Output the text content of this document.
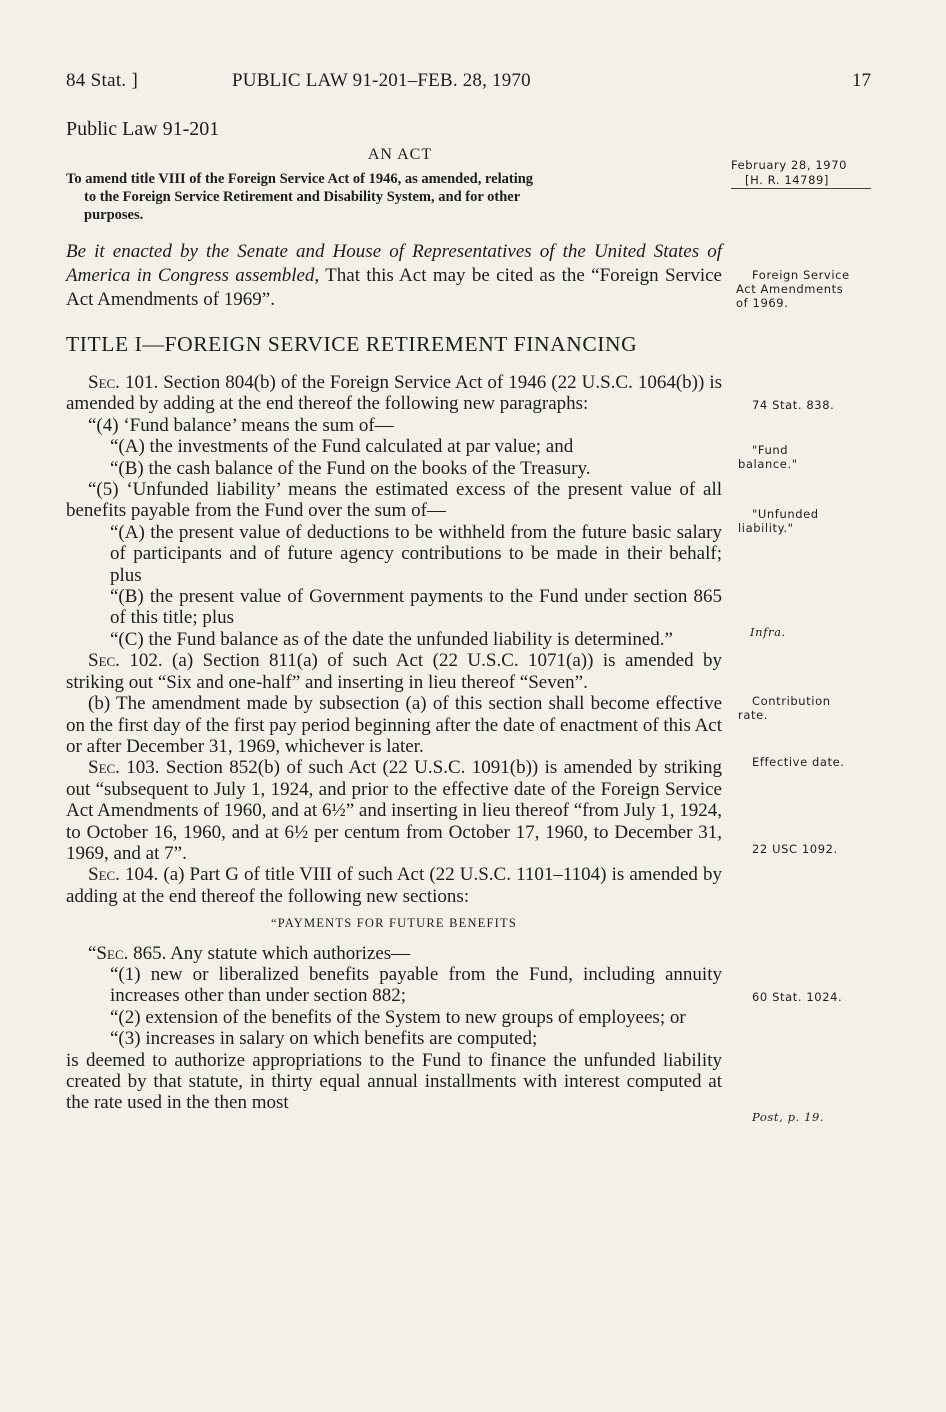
84 Stat. ]	PUBLIC LAW 91-201–FEB. 28, 1970	17
Public Law 91-201
AN ACT
To amend title VIII of the Foreign Service Act of 1946, as amended, relating
to the Foreign Service Retirement and Disability System, and for other
purposes.
February 28, 1970
[H. R. 14789]
Be it enacted by the Senate and House of Representatives of the United States of America in Congress assembled, That this Act may be cited as the “Foreign Service Act Amendments of 1969”.
Foreign Service
Act Amendments
of 1969.
TITLE I—FOREIGN SERVICE RETIREMENT FINANCING

Sec. 101. Section 804(b) of the Foreign Service Act of 1946 (22 U.S.C. 1064(b)) is amended by adding at the end thereof the following new paragraphs:

“(4) ‘Fund balance’ means the sum of—

“(A) the investments of the Fund calculated at par value; and

“(B) the cash balance of the Fund on the books of the Treasury.

“(5) ‘Unfunded liability’ means the estimated excess of the present value of all benefits payable from the Fund over the sum of—

“(A) the present value of deductions to be withheld from the future basic salary of participants and of future agency contributions to be made in their behalf; plus

“(B) the present value of Government payments to the Fund under section 865 of this title; plus

“(C) the Fund balance as of the date the unfunded liability is determined.”

Sec. 102. (a) Section 811(a) of such Act (22 U.S.C. 1071(a)) is amended by striking out “Six and one-half” and inserting in lieu thereof “Seven”.

(b) The amendment made by subsection (a) of this section shall become effective on the first day of the first pay period beginning after the date of enactment of this Act or after December 31, 1969, whichever is later.

Sec. 103. Section 852(b) of such Act (22 U.S.C. 1091(b)) is amended by striking out “subsequent to July 1, 1924, and prior to the effective date of the Foreign Service Act Amendments of 1960, and at 6½” and inserting in lieu thereof “from July 1, 1924, to October 16, 1960, and at 6½ per centum from October 17, 1960, to December 31, 1969, and at 7”.

Sec. 104. (a) Part G of title VIII of such Act (22 U.S.C. 1101–1104) is amended by adding at the end thereof the following new sections:

“PAYMENTS FOR FUTURE BENEFITS

“Sec. 865. Any statute which authorizes—

“(1) new or liberalized benefits payable from the Fund, including annuity increases other than under section 882;

“(2) extension of the benefits of the System to new groups of employees; or

“(3) increases in salary on which benefits are computed;

is deemed to authorize appropriations to the Fund to finance the unfunded liability created by that statute, in thirty equal annual installments with interest computed at the rate used in the then most

74 Stat. 838.
"Fund
balance."
"Unfunded
liability."
Infra.
Contribution
rate.
Effective date.
22 USC 1092.
60 Stat. 1024.
Post, p. 19.
